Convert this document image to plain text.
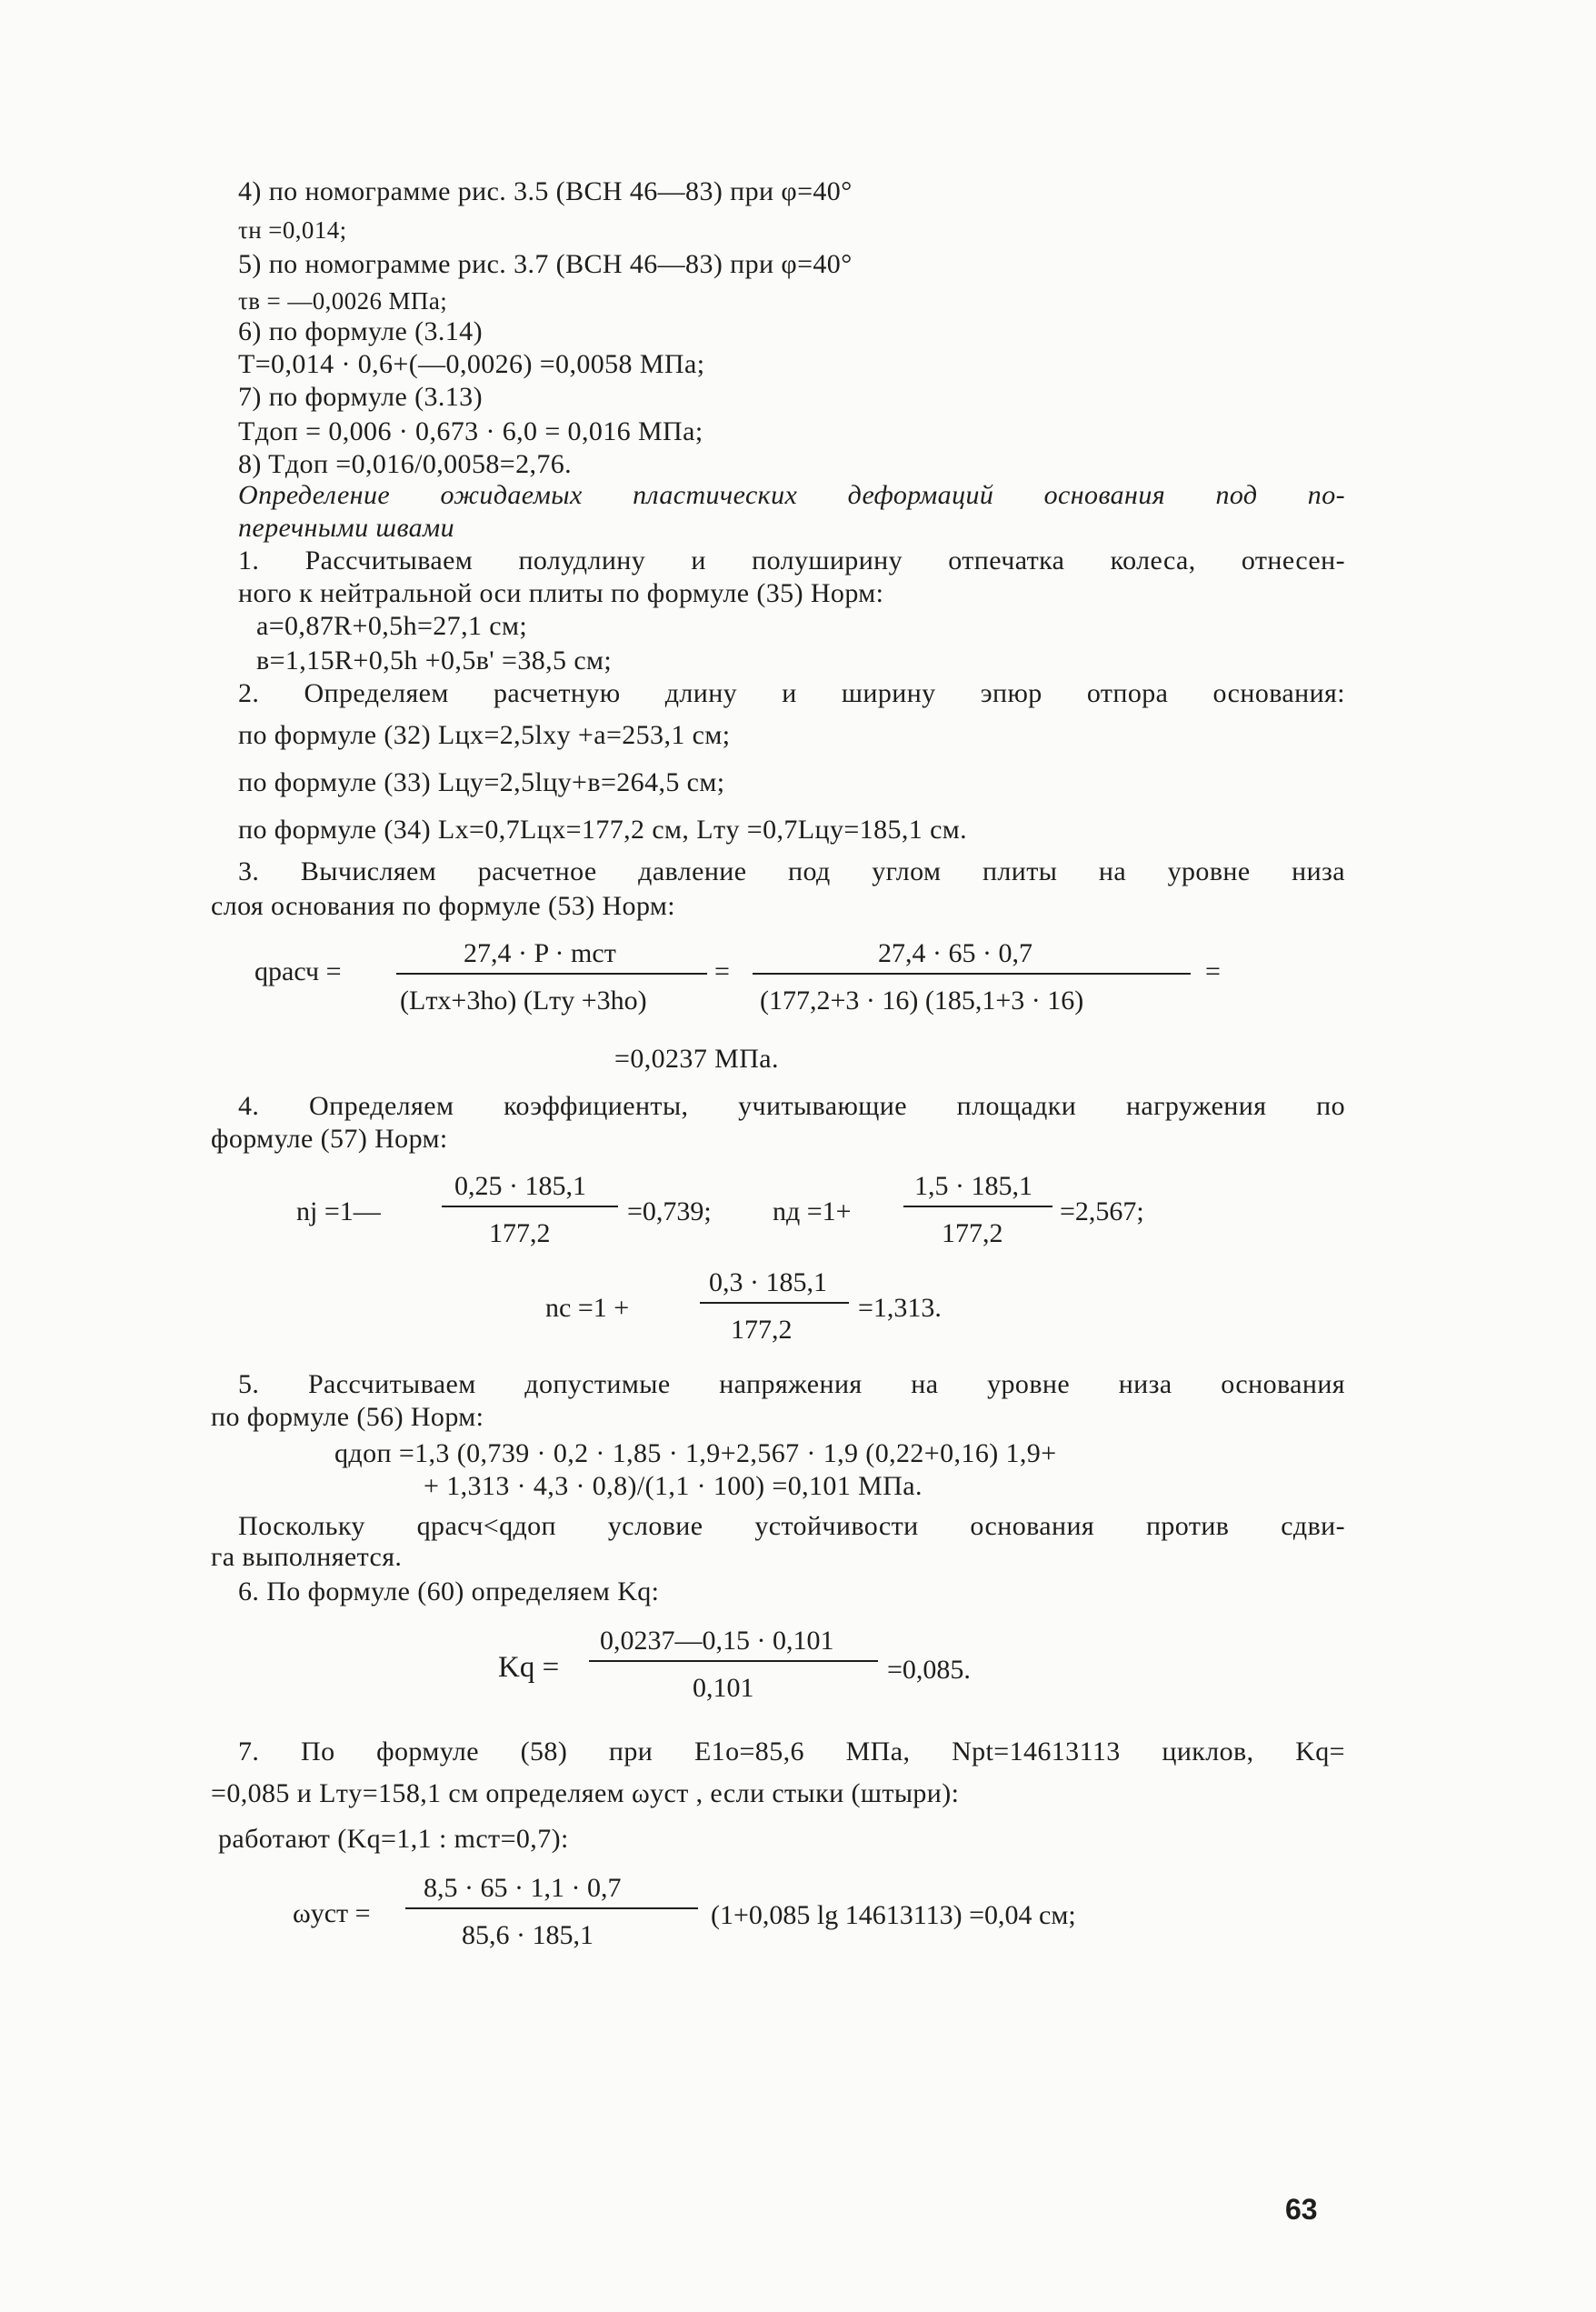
4) по номограмме рис. 3.5 (ВСН 46—83) при φ=40°
τн =0,014;
5) по номограмме рис. 3.7 (ВСН 46—83) при φ=40°
τв = —0,0026 МПа;
6) по формуле (3.14)
T=0,014 · 0,6+(—0,0026) =0,0058 МПа;
7) по формуле (3.13)
Tдоп = 0,006 · 0,673 · 6,0 = 0,016 МПа;
8) Tдоп =0,016/0,0058=2,76.
Определение ожидаемых пластических деформаций основания под по-
перечными швами
1. Рассчитываем полудлину и полуширину отпечатка колеса, отнесен-
ного к нейтральной оси плиты по формуле (35) Норм:
a=0,87R+0,5h=27,1 см;
в=1,15R+0,5h +0,5в' =38,5 см;
2. Определяем расчетную длину и ширину эпюр отпора основания:
по формуле (32) Lцx=2,5lxy +a=253,1 см;
по формуле (33) Lцy=2,5lцy+в=264,5 см;
по формуле (34) Lx=0,7Lцx=177,2 см, Lтy =0,7Lцy=185,1 см.
3. Вычисляем расчетное давление под углом плиты на уровне низа
слоя основания по формуле (53) Норм:
qрасч =
27,4 · P · mст
(Lтx+3ho) (Lтy +3ho)
=
27,4 · 65 · 0,7
(177,2+3 · 16) (185,1+3 · 16)
=
=0,0237 МПа.
4. Определяем коэффициенты, учитывающие площадки нагружения по
формуле (57) Норм:
nj =1—
0,25 · 185,1
177,2
=0,739; nд =1+
1,5 · 185,1
177,2
=2,567;
nc =1 +
0,3 · 185,1
177,2
=1,313.
5. Рассчитываем допустимые напряжения на уровне низа основания
по формуле (56) Норм:
qдоп =1,3 (0,739 · 0,2 · 1,85 · 1,9+2,567 · 1,9 (0,22+0,16) 1,9+
+ 1,313 · 4,3 · 0,8)/(1,1 · 100) =0,101 МПа.
Поскольку qрасч<qдоп условие устойчивости основания против сдви-
га выполняется.
6. По формуле (60) определяем Kq:
Kq =
0,0237—0,15 · 0,101
0,101
=0,085.
7. По формуле (58) при E1o=85,6 МПа, Npt=14613113 циклов, Kq=
=0,085 и Lтy=158,1 см определяем ωуст , если стыки (штыри):
работают (Kq=1,1 : mст=0,7):
ωуст =
8,5 · 65 · 1,1 · 0,7
85,6 · 185,1
(1+0,085 lg 14613113) =0,04 см;
63
